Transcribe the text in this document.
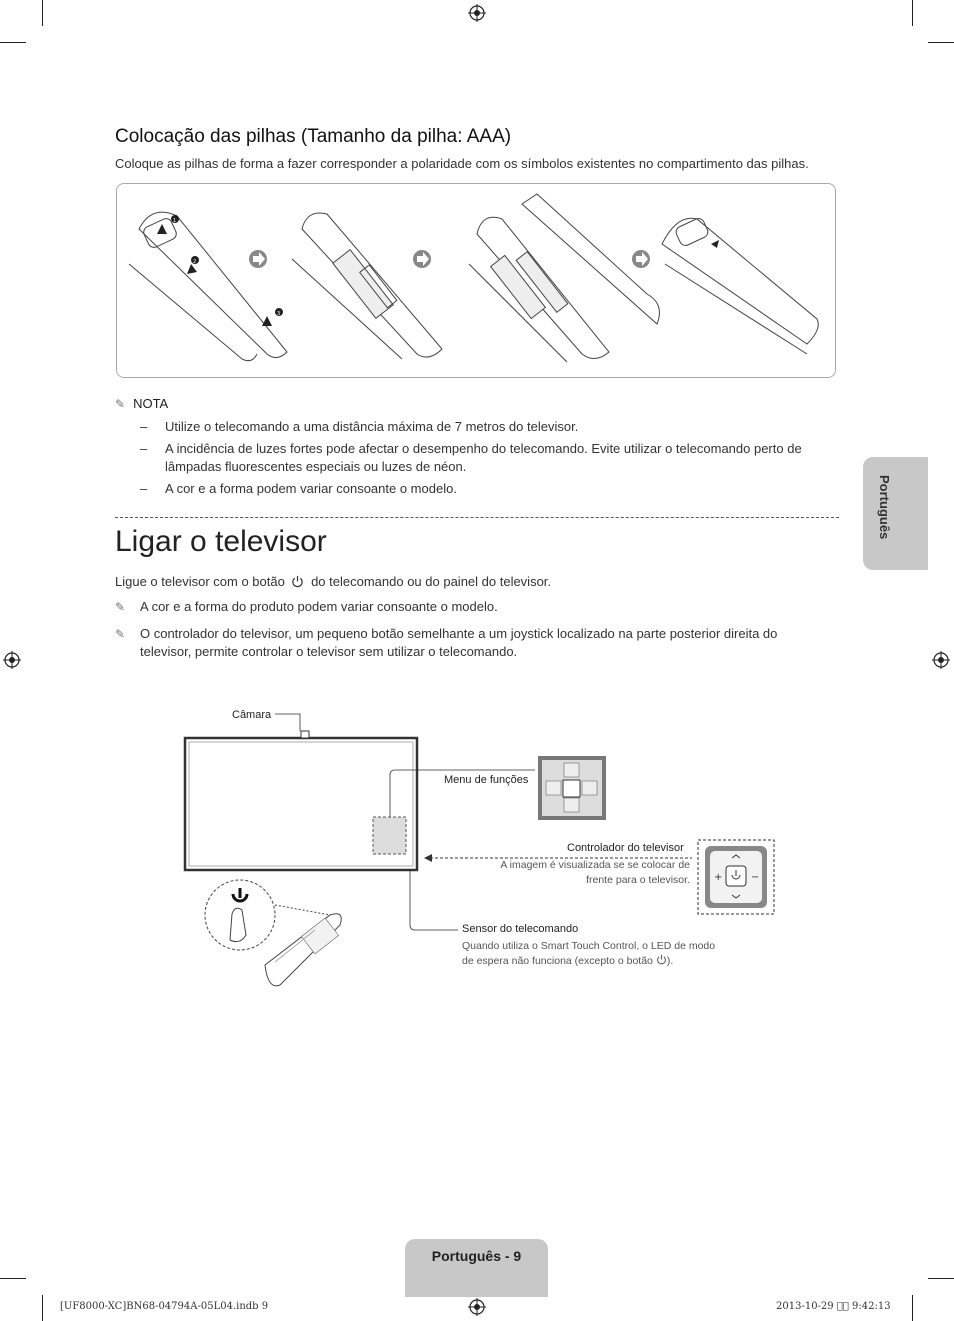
Colocação das pilhas (Tamanho da pilha: AAA)
Coloque as pilhas de forma a fazer corresponder a polaridade com os símbolos existentes no compartimento das pilhas.
1
2
3
✎ NOTA
– Utilize o telecomando a uma distância máxima de 7 metros do televisor.
– A incidência de luzes fortes pode afectar o desempenho do telecomando. Evite utilizar o telecomando perto de lâmpadas fluorescentes especiais ou luzes de néon.
– A cor e a forma podem variar consoante o modelo.
Ligar o televisor
Ligue o televisor com o botão do telecomando ou do painel do televisor.
✎	A cor e a forma do produto podem variar consoante o modelo.
✎	O controlador do televisor, um pequeno botão semelhante a um joystick localizado na parte posterior direita do televisor, permite controlar o televisor sem utilizar o telecomando.
+	−
Câmara
Menu de funções
Controlador do televisor
A imagem é visualizada se se colocar de
frente para o televisor.
Sensor do telecomando
Quando utiliza o Smart Touch Control, o LED de modo
de espera não funciona (excepto o botão ).
Português
Português - 9
[UF8000-XC]BN68-04794A-05L04.indb 9	2013-10-29 ￿￿ 9:42:13
